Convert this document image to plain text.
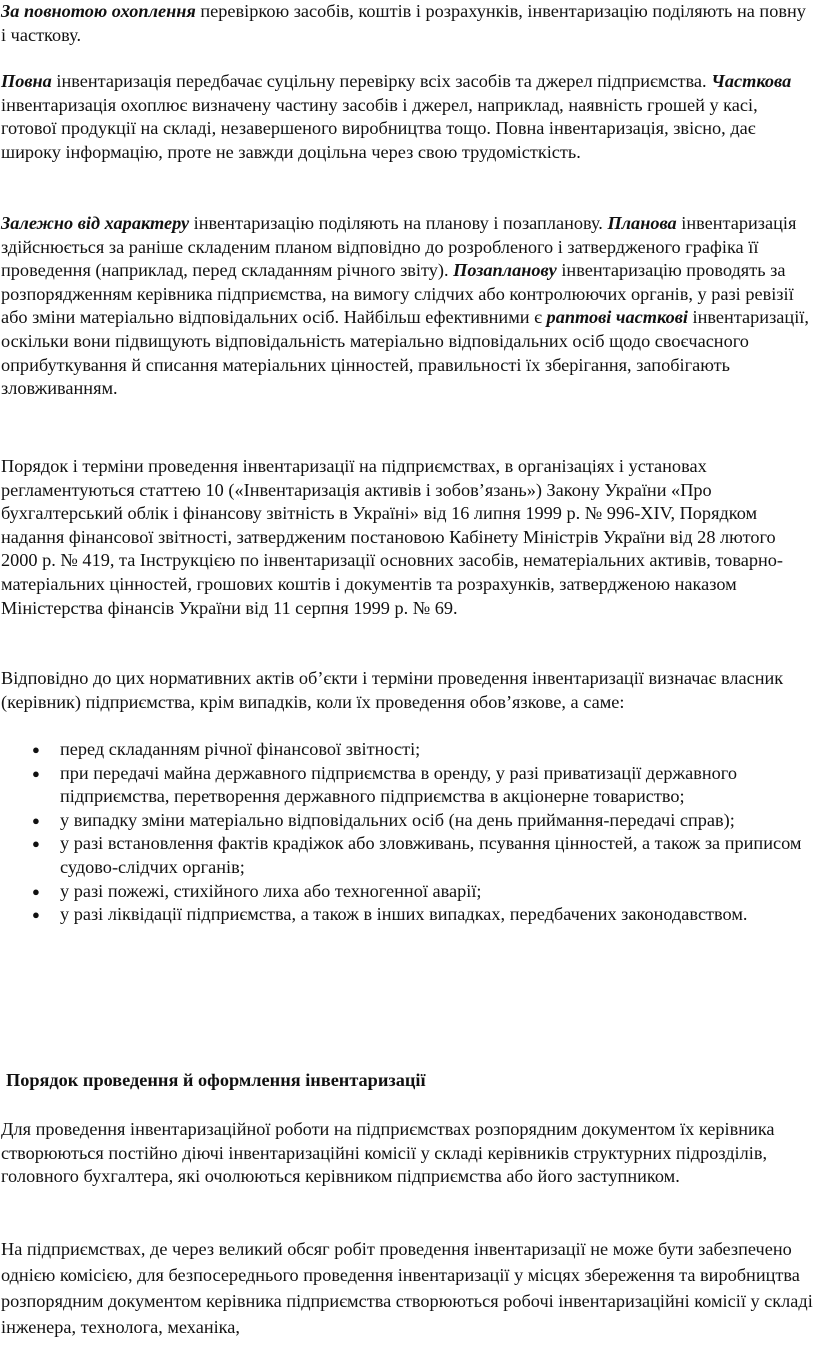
За повнотою охоплення перевіркою засобів, коштів і розрахунків, інвентаризацію поділяють на повну і часткову.

Повна інвентаризація передбачає суцільну перевірку всіх засобів та джерел підприємства. Часткова інвентаризація охоплює визначену частину засобів і джерел, наприклад, наявність грошей у касі, готової продукції на складі, незавершеного виробництва тощо. Повна інвентаризація, звісно, дає широку інформацію, проте не завжди доцільна через свою трудомісткість.

Залежно від характеру інвентаризацію поділяють на планову і позапланову. Планова інвентаризація здійснюється за раніше складеним планом відповідно до розробленого і затвердженого графіка її проведення (наприклад, перед складанням річного звіту). Позапланову інвентаризацію проводять за розпорядженням керівника підприємства, на вимогу слідчих або контролюючих органів, у разі ревізії або зміни матеріально відповідальних осіб. Найбільш ефективними є раптові часткові інвентаризації, оскільки вони підвищують відповідальність матеріально відповідальних осіб щодо своєчасного оприбуткування й списання матеріальних цінностей, правильності їх зберігання, запобігають зловживанням.

Порядок і терміни проведення інвентаризації на підприємствах, в організаціях і установах регламентуються статтею 10 («Інвентаризація активів і зобов’язань») Закону України «Про бухгалтерський облік і фінансову звітність в Україні» від 16 липня 1999 р. № 996-XIV, Порядком надання фінансової звітності, затвердженим постановою Кабінету Міністрів України від 28 лютого 2000 р. № 419, та Інструкцією по інвентаризації основних засобів, нематеріальних активів, товарно-матеріальних цінностей, грошових коштів і документів та розрахунків, затвердженою наказом Міністерства фінансів України від 11 серпня 1999 р. № 69.

Відповідно до цих нормативних актів об’єкти і терміни проведення інвентаризації визначає власник (керівник) підприємства, крім випадків, коли їх проведення обов’язкове, а саме:

● перед складанням річної фінансової звітності;
● при передачі майна державного підприємства в оренду, у разі приватизації державного підприємства, перетворення державного підприємства в акціонерне товариство;
● у випадку зміни матеріально відповідальних осіб (на день приймання-передачі справ);
● у разі встановлення фактів крадіжок або зловживань, псування цінностей, а також за приписом судово-слідчих органів;
● у разі пожежі, стихійного лиха або техногенної аварії;
● у разі ліквідації підприємства, а також в інших випадках, передбачених законодавством.

Порядок проведення й оформлення інвентаризації

Для проведення інвентаризаційної роботи на підприємствах розпорядним документом їх керівника створюються постійно діючі інвентаризаційні комісії у складі керівників структурних підрозділів, головного бухгалтера, які очолюються керівником підприємства або його заступником.

На підприємствах, де через великий обсяг робіт проведення інвентаризації не може бути забезпечено однією комісією, для безпосереднього проведення інвентаризації у місцях збереження та виробництва розпорядним документом керівника підприємства створюються робочі інвентаризаційні комісії у складі інженера, технолога, механіка,
